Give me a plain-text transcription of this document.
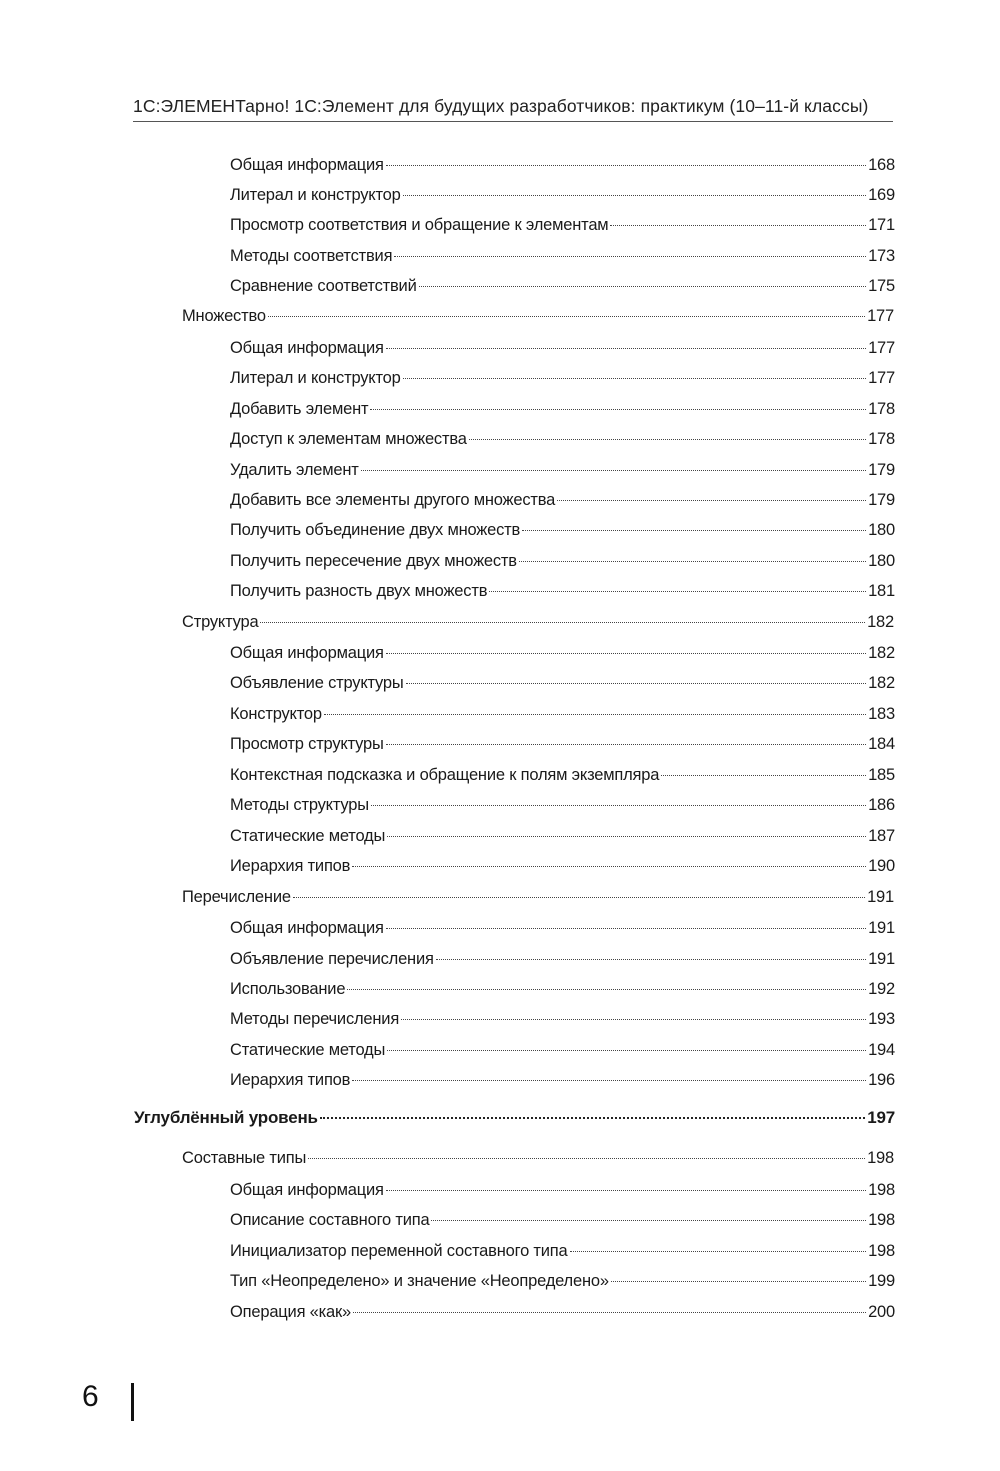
1С:ЭЛЕМЕНТарно! 1С:Элемент для будущих разработчиков: практикум (10–11-й классы)
Общая информация	168
Литерал и конструктор	169
Просмотр соответствия и обращение к элементам	171
Методы соответствия	173
Сравнение соответствий	175
Множество	177
Общая информация	177
Литерал и конструктор	177
Добавить элемент	178
Доступ к элементам множества	178
Удалить элемент	179
Добавить все элементы другого множества	179
Получить объединение двух множеств	180
Получить пересечение двух множеств	180
Получить разность двух множеств	181
Структура	182
Общая информация	182
Объявление структуры	182
Конструктор	183
Просмотр структуры	184
Контекстная подсказка и обращение к полям экземпляра	185
Методы структуры	186
Статические методы	187
Иерархия типов	190
Перечисление	191
Общая информация	191
Объявление перечисления	191
Использование	192
Методы перечисления	193
Статические методы	194
Иерархия типов	196
Углублённый уровень	197
Составные типы	198
Общая информация	198
Описание составного типа	198
Инициализатор переменной составного типа	198
Тип «Неопределено» и значение «Неопределено»	199
Операция «как»	200
6
